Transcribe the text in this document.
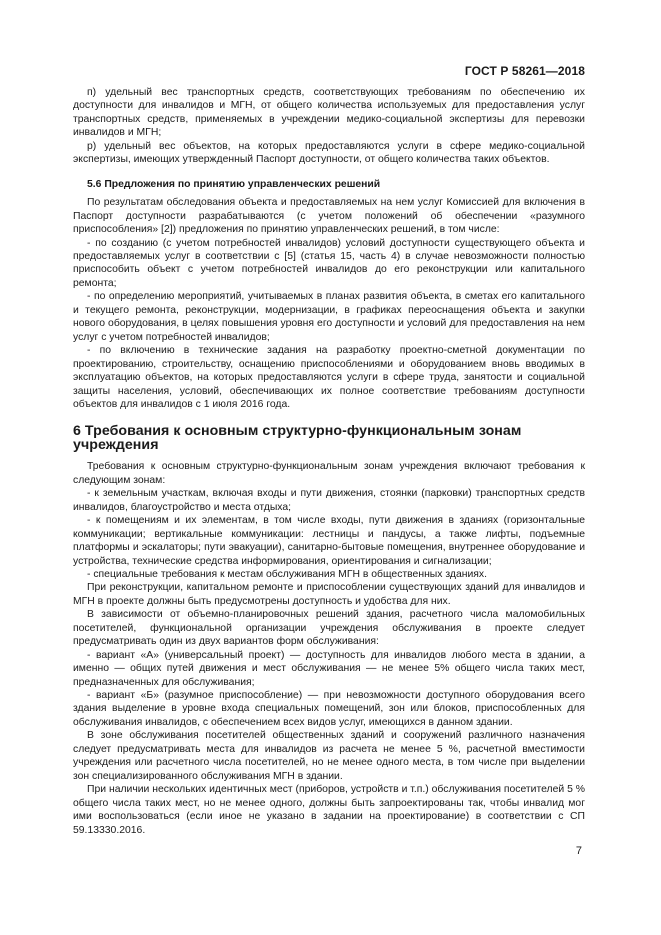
ГОСТ Р 58261—2018

п) удельный вес транспортных средств, соответствующих требованиям по обеспечению их доступности для инвалидов и МГН, от общего количества используемых для предоставления услуг транспортных средств, применяемых в учреждении медико-социальной экспертизы для перевозки инвалидов и МГН;

р) удельный вес объектов, на которых предоставляются услуги в сфере медико-социальной экспертизы, имеющих утвержденный Паспорт доступности, от общего количества таких объектов.

5.6 Предложения по принятию управленческих решений

По результатам обследования объекта и предоставляемых на нем услуг Комиссией для включения в Паспорт доступности разрабатываются (с учетом положений об обеспечении «разумного приспособления» [2]) предложения по принятию управленческих решений, в том числе:

- по созданию (с учетом потребностей инвалидов) условий доступности существующего объекта и предоставляемых услуг в соответствии с [5] (статья 15, часть 4) в случае невозможности полностью приспособить объект с учетом потребностей инвалидов до его реконструкции или капитального ремонта;

- по определению мероприятий, учитываемых в планах развития объекта, в сметах его капитального и текущего ремонта, реконструкции, модернизации, в графиках переоснащения объекта и закупки нового оборудования, в целях повышения уровня его доступности и условий для предоставления на нем услуг с учетом потребностей инвалидов;

- по включению в технические задания на разработку проектно-сметной документации по проектированию, строительству, оснащению приспособлениями и оборудованием вновь вводимых в эксплуатацию объектов, на которых предоставляются услуги в сфере труда, занятости и социальной защиты населения, условий, обеспечивающих их полное соответствие требованиям доступности объектов для инвалидов с 1 июля 2016 года.

6 Требования к основным структурно-функциональным зонам учреждения

Требования к основным структурно-функциональным зонам учреждения включают требования к следующим зонам:

- к земельным участкам, включая входы и пути движения, стоянки (парковки) транспортных средств инвалидов, благоустройство и места отдыха;

- к помещениям и их элементам, в том числе входы, пути движения в зданиях (горизонтальные коммуникации; вертикальные коммуникации: лестницы и пандусы, а также лифты, подъемные платформы и эскалаторы; пути эвакуации), санитарно-бытовые помещения, внутреннее оборудование и устройства, технические средства информирования, ориентирования и сигнализации;

- специальные требования к местам обслуживания МГН в общественных зданиях.

При реконструкции, капитальном ремонте и приспособлении существующих зданий для инвалидов и МГН в проекте должны быть предусмотрены доступность и удобства для них.

В зависимости от объемно-планировочных решений здания, расчетного числа маломобильных посетителей, функциональной организации учреждения обслуживания в проекте следует предусматривать один из двух вариантов форм обслуживания:

- вариант «А» (универсальный проект) — доступность для инвалидов любого места в здании, а именно — общих путей движения и мест обслуживания — не менее 5% общего числа таких мест, предназначенных для обслуживания;

- вариант «Б» (разумное приспособление) — при невозможности доступного оборудования всего здания выделение в уровне входа специальных помещений, зон или блоков, приспособленных для обслуживания инвалидов, с обеспечением всех видов услуг, имеющихся в данном здании.

В зоне обслуживания посетителей общественных зданий и сооружений различного назначения следует предусматривать места для инвалидов из расчета не менее 5 %, расчетной вместимости учреждения или расчетного числа посетителей, но не менее одного места, в том числе при выделении зон специализированного обслуживания МГН в здании.

При наличии нескольких идентичных мест (приборов, устройств и т.п.) обслуживания посетителей 5 % общего числа таких мест, но не менее одного, должны быть запроектированы так, чтобы инвалид мог ими воспользоваться (если иное не указано в задании на проектирование) в соответствии с СП 59.13330.2016.

7
